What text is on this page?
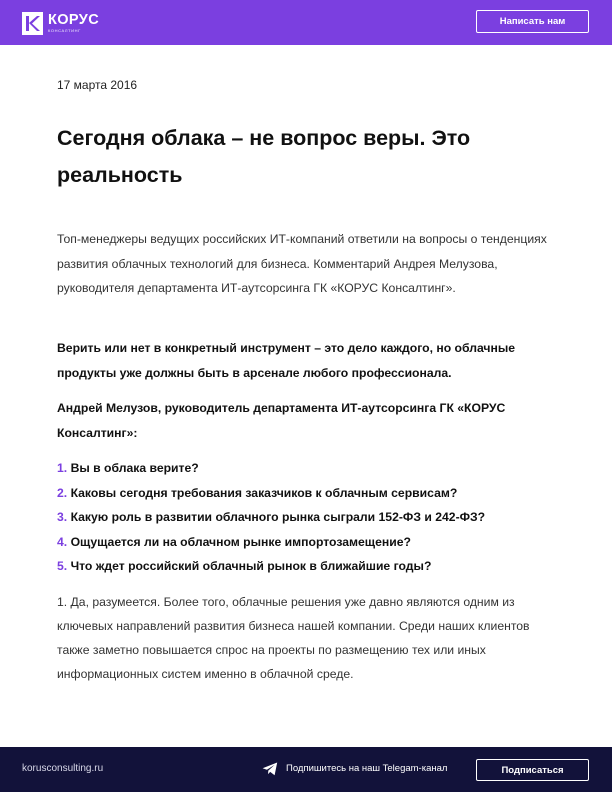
КОРУС
КОНСАЛТИНГ
Написать нам
17 марта 2016
Сегодня облака – не вопрос веры. Это реальность

Топ-менеджеры ведущих российских ИТ-компаний ответили на вопросы о тенденциях развития облачных технологий для бизнеса. Комментарий Андрея Мелузова, руководителя департамента ИТ-аутсорсинга ГК «КОРУС Консалтинг».

Верить или нет в конкретный инструмент – это дело каждого, но облачные продукты уже должны быть в арсенале любого профессионала.

Андрей Мелузов, руководитель департамента ИТ-аутсорсинга ГК «КОРУС Консалтинг»:

1. Вы в облака верите?
2. Каковы сегодня требования заказчиков к облачным сервисам?
3. Какую роль в развитии облачного рынка сыграли 152-ФЗ и 242-ФЗ?
4. Ощущается ли на облачном рынке импортозамещение?
5. Что ждет российский облачный рынок в ближайшие годы?

1. Да, разумеется. Более того, облачные решения уже давно являются одним из ключевых направлений развития бизнеса нашей компании. Среди наших клиентов также заметно повышается спрос на проекты по размещению тех или иных информационных систем именно в облачной среде.

korusconsulting.ru	Подпишитесь на наш Telegam-канал	Подписаться
